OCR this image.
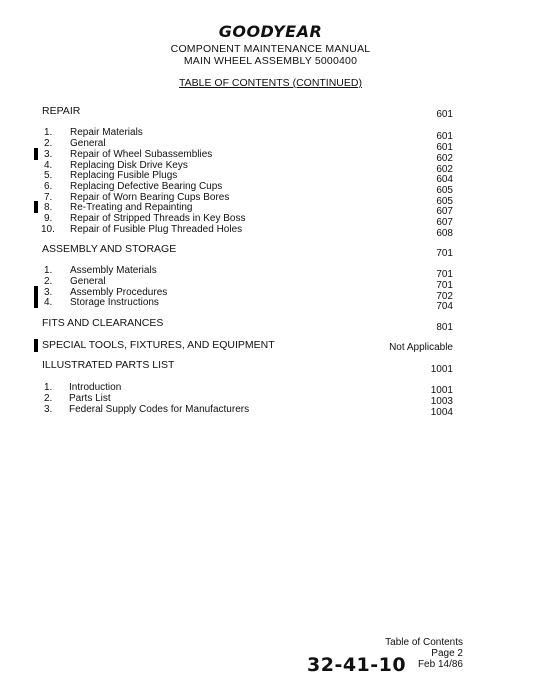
GOODYEAR
COMPONENT MAINTENANCE MANUAL
MAIN WHEEL ASSEMBLY 5000400
TABLE OF CONTENTS (CONTINUED)
REPAIR	601
1. Repair Materials	601
2. General	601
3. Repair of Wheel Subassemblies	602
4. Replacing Disk Drive Keys	602
5. Replacing Fusible Plugs	604
6. Replacing Defective Bearing Cups	605
7. Repair of Worn Bearing Cups Bores	605
8. Re-Treating and Repainting	607
9. Repair of Stripped Threads in Key Boss	607
10. Repair of Fusible Plug Threaded Holes	608
ASSEMBLY AND STORAGE	701
1. Assembly Materials	701
2. General	701
3. Assembly Procedures	702
4. Storage Instructions	704
FITS AND CLEARANCES	801
SPECIAL TOOLS, FIXTURES, AND EQUIPMENT	Not Applicable
ILLUSTRATED PARTS LIST	1001
1. Introduction	1001
2. Parts List	1003
3. Federal Supply Codes for Manufacturers	1004
Table of Contents
Page 2
Feb 14/86
32-41-10
